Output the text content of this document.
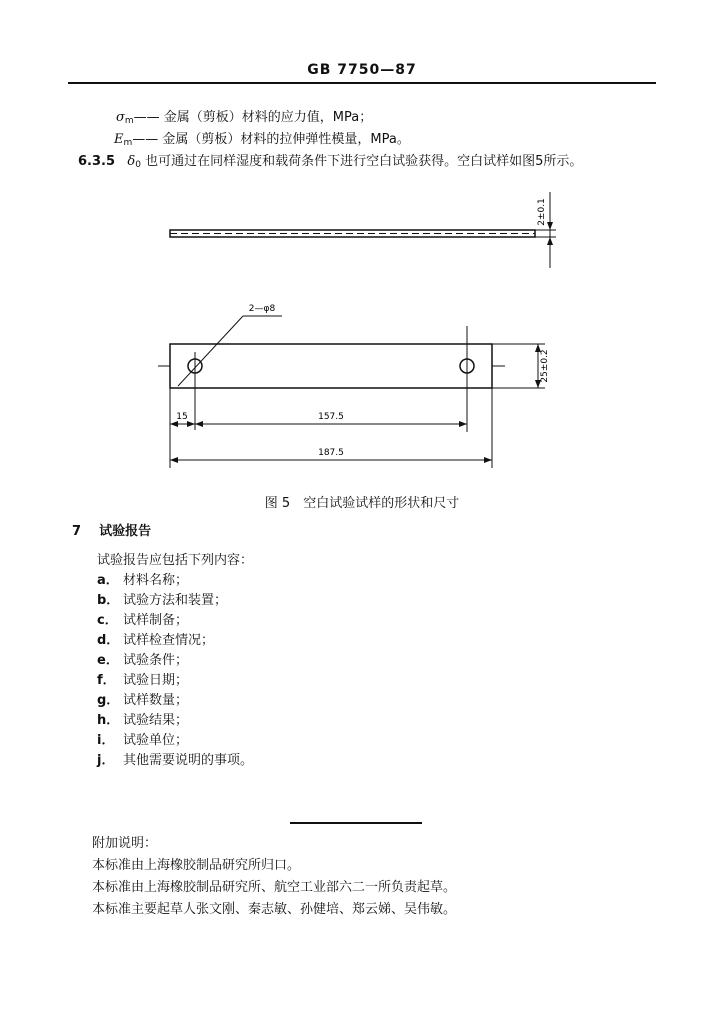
GB 7750—87
$\sigma_m——$ 金属（剪板）材料的应力值，MPa；
$E_m——$ 金属（剪板）材料的拉伸弹性模量，MPa。
6.3.5 $\delta_0$ 也可通过在同样湿度和载荷条件下进行空白试验获得。空白试样如图5所示。
2±0.1
2—φ8
25±0.2
15	157.5
187.5
图 5　空白试验试样的形状和尺寸
7 试验报告
试验报告应包括下列内容：
a． 材料名称；
b． 试验方法和装置；
c． 试样制备；
d． 试样检查情况；
e． 试验条件；
f． 试验日期；
g． 试样数量；
h． 试验结果；
i． 试验单位；
j． 其他需要说明的事项。
附加说明：
本标准由上海橡胶制品研究所归口。
本标准由上海橡胶制品研究所、航空工业部六二一所负责起草。
本标准主要起草人张文刚、秦志敏、孙健培、郑云娣、吴伟敏。
